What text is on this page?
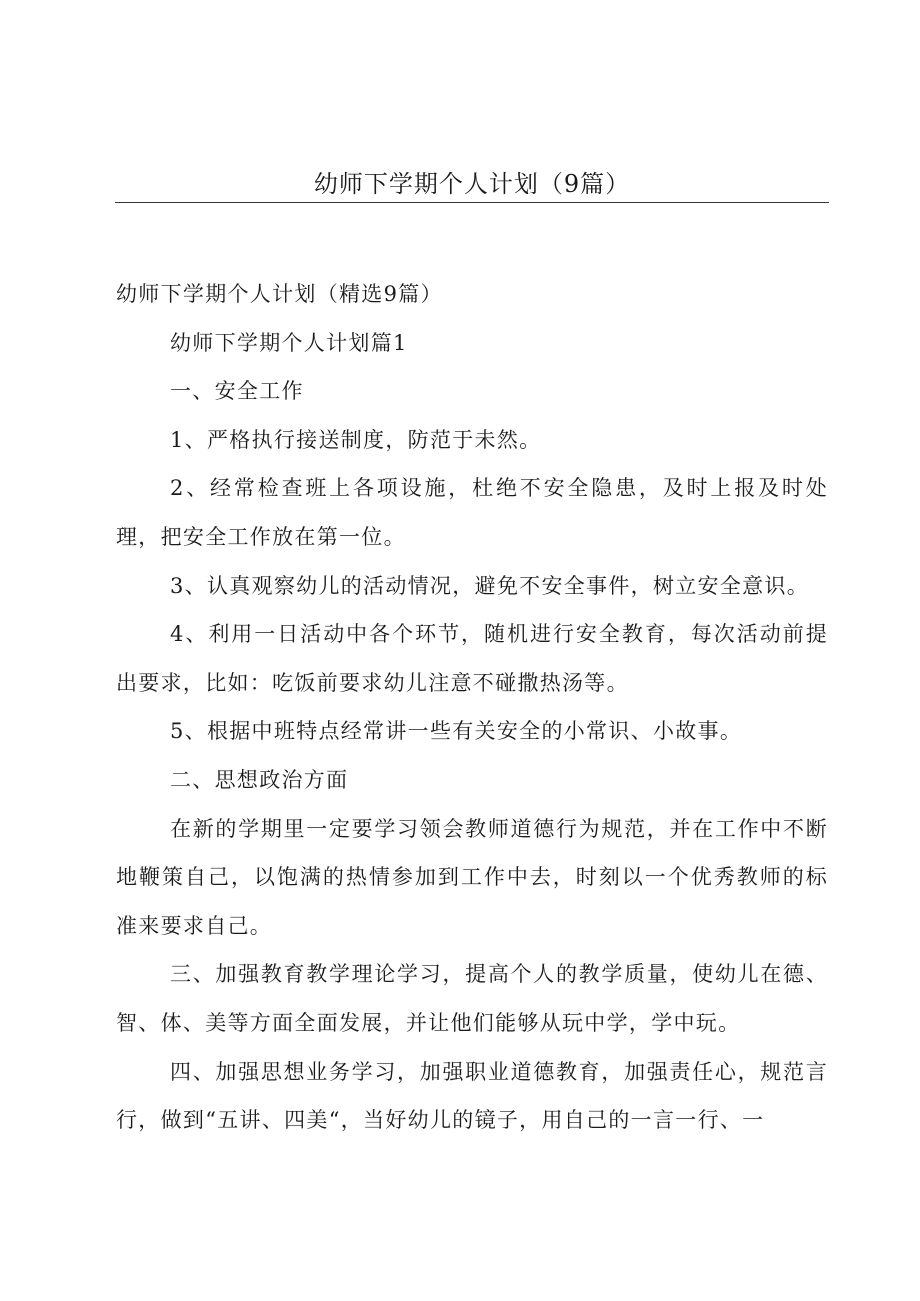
幼师下学期个人计划（9篇）

幼师下学期个人计划（精选9篇）

幼师下学期个人计划篇1

一、安全工作

1、严格执行接送制度，防范于未然。

2、经常检查班上各项设施，杜绝不安全隐患，及时上报及时处理，把安全工作放在第一位。

3、认真观察幼儿的活动情况，避免不安全事件，树立安全意识。

4、利用一日活动中各个环节，随机进行安全教育，每次活动前提出要求，比如：吃饭前要求幼儿注意不碰撒热汤等。

5、根据中班特点经常讲一些有关安全的小常识、小故事。

二、思想政治方面

在新的学期里一定要学习领会教师道德行为规范，并在工作中不断地鞭策自己，以饱满的热情参加到工作中去，时刻以一个优秀教师的标准来要求自己。

三、加强教育教学理论学习，提高个人的教学质量，使幼儿在德、智、体、美等方面全面发展，并让他们能够从玩中学，学中玩。

四、加强思想业务学习，加强职业道德教育，加强责任心，规范言行，做到“五讲、四美“，当好幼儿的镜子，用自己的一言一行、一
